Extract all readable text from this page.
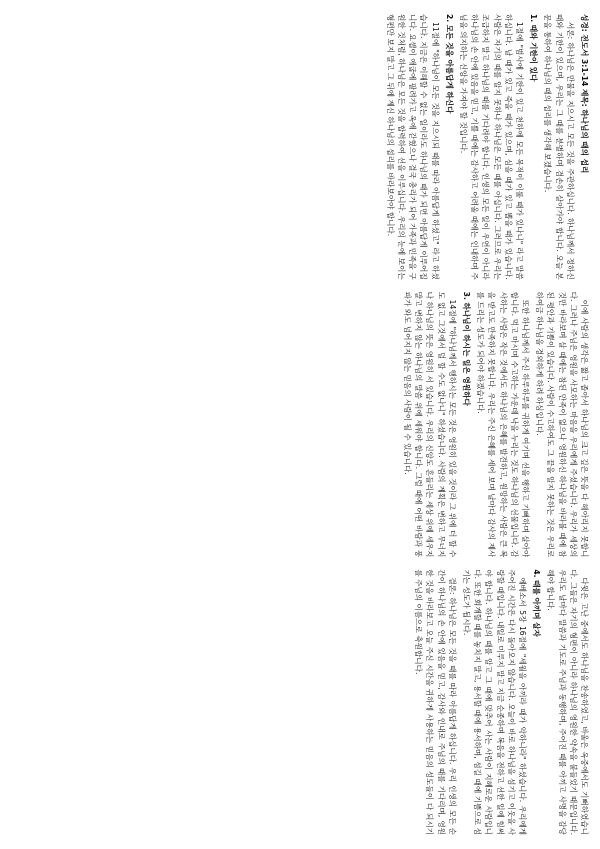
성경: 전도서 3:1-14 제목: 하나님의 때의 섭리

서론: 하나님은 만물을 지으시고 모든 것을 주관하십니다. 하나님께서 정하신 때와 기한이 있으며, 우리는 그 때를 분별하며 겸손히 살아가야 합니다. 오늘 본문을 통하여 하나님의 때의 섭리를 생각해 보겠습니다.

1. 때와 기한이 있다

1절에 "범사에 기한이 있고 천하에 모든 목적이 이룰 때가 있나니" 라고 말씀하십니다. 날 때가 있고 죽을 때가 있으며, 심을 때가 있고 뽑을 때가 있습니다. 사람은 자기의 때를 알지 못하나 하나님은 모든 때를 아십니다. 그러므로 우리는 조급하지 말고 하나님의 때를 기다려야 합니다. 인생의 모든 일이 우연이 아니라 하나님의 손 안에 있음을 믿고, 기쁠 때에는 감사하고 어려울 때에는 인내하며 주님을 의지하는 신앙을 가져야 할 것입니다.

2. 모든 것을 아름답게 하신다

11절에 "하나님이 모든 것을 지으시되 때를 따라 아름답게 하셨고" 라고 하셨습니다. 지금은 이해할 수 없는 일이라도 하나님의 때가 되면 아름답게 이루어집니다. 요셉이 애굽에 팔려가고 옥에 갇혔으나 결국 총리가 되어 가족과 민족을 구원한 것처럼, 하나님은 모든 것을 합력하여 선을 이루십니다. 우리의 눈에 보이는 형편만 보지 말고 그 뒤에 계신 하나님의 섭리를 바라보아야 합니다.

이에 사람의 생각은 짧고 좁아서 하나님의 크고 깊은 뜻을 다 헤아리지 못합니다. 그러나 주님은 영원을 사모하는 마음을 우리에게 주셨습니다. 우리가 세상의 것만 바라보며 살 때에는 참된 만족이 없으나 영원하신 하나님을 바라볼 때에 참된 평안과 기쁨이 있습니다. 사람이 수고하여도 그 끝을 알지 못하는 것은 우리로 하여금 하나님을 경외하게 하려 하심입니다.

또한 하나님께서 주신 하루하루를 귀하게 여기며 선을 행하고 기뻐하며 살아야 합니다. 먹고 마시며 수고하는 가운데 낙을 누리는 것도 하나님의 선물입니다. 감사하는 사람은 작은 것에서도 하나님의 은혜를 발견하고, 원망하는 사람은 큰 복을 받고도 만족하지 못합니다. 우리는 주신 은혜를 세어 보며 날마다 감사의 제사를 드리는 성도가 되어야 하겠습니다.

3. 하나님이 하시는 일은 영원하다

14절에 "하나님께서 행하시는 모든 것은 영원히 있을 것이라 그 위에 더 할 수도 없고 그것에서 덜 할 수도 없나니" 하셨습니다. 사람의 계획은 변하고 무너지나 하나님의 뜻은 영원히 서 있습니다. 우리의 신앙도 흔들리는 세상 위에 세우지 말고 변하지 않는 하나님의 말씀 위에 세워야 합니다. 그럴 때에 어떤 바람과 풍파가 와도 넘어지지 않는 믿음의 사람이 될 수 있습니다.

다윗은 고난 중에서도 하나님을 찬송하였고, 바울은 옥중에서도 기뻐하였습니다. 그들은 자기의 형편이 아니라 하나님의 영원한 약속을 붙들었기 때문입니다. 우리도 날마다 말씀과 기도로 주님과 동행하며, 주어진 때를 아끼고 사명을 감당해야 합니다.

4. 때를 아끼며 살자

에베소서 5장 16절에 "세월을 아끼라 때가 악하니라" 하셨습니다. 우리에게 주어진 시간은 다시 돌아오지 않습니다. 오늘이 바로 하나님을 섬기고 이웃을 사랑할 때입니다. 내일로 미루지 말고 지금 순종하며 복음을 전하고 선한 일에 힘써야 합니다. 하나님의 때를 알고 그 때에 맞추어 사는 사람이 지혜로운 사람입니다. 또한 회개할 때를 놓치지 말고, 용서할 때에 용서하며, 섬길 때에 기쁨으로 섬기는 성도가 됩시다.

결론: 하나님은 모든 것을 때를 따라 아름답게 하십니다. 우리 인생의 모든 순간이 하나님의 손 안에 있음을 믿고, 감사와 인내로 주님의 때를 기다리며, 영원한 것을 바라보고 오늘 주신 시간을 귀하게 사용하는 믿음의 성도들이 다 되시기를 주님의 이름으로 축원합니다.
